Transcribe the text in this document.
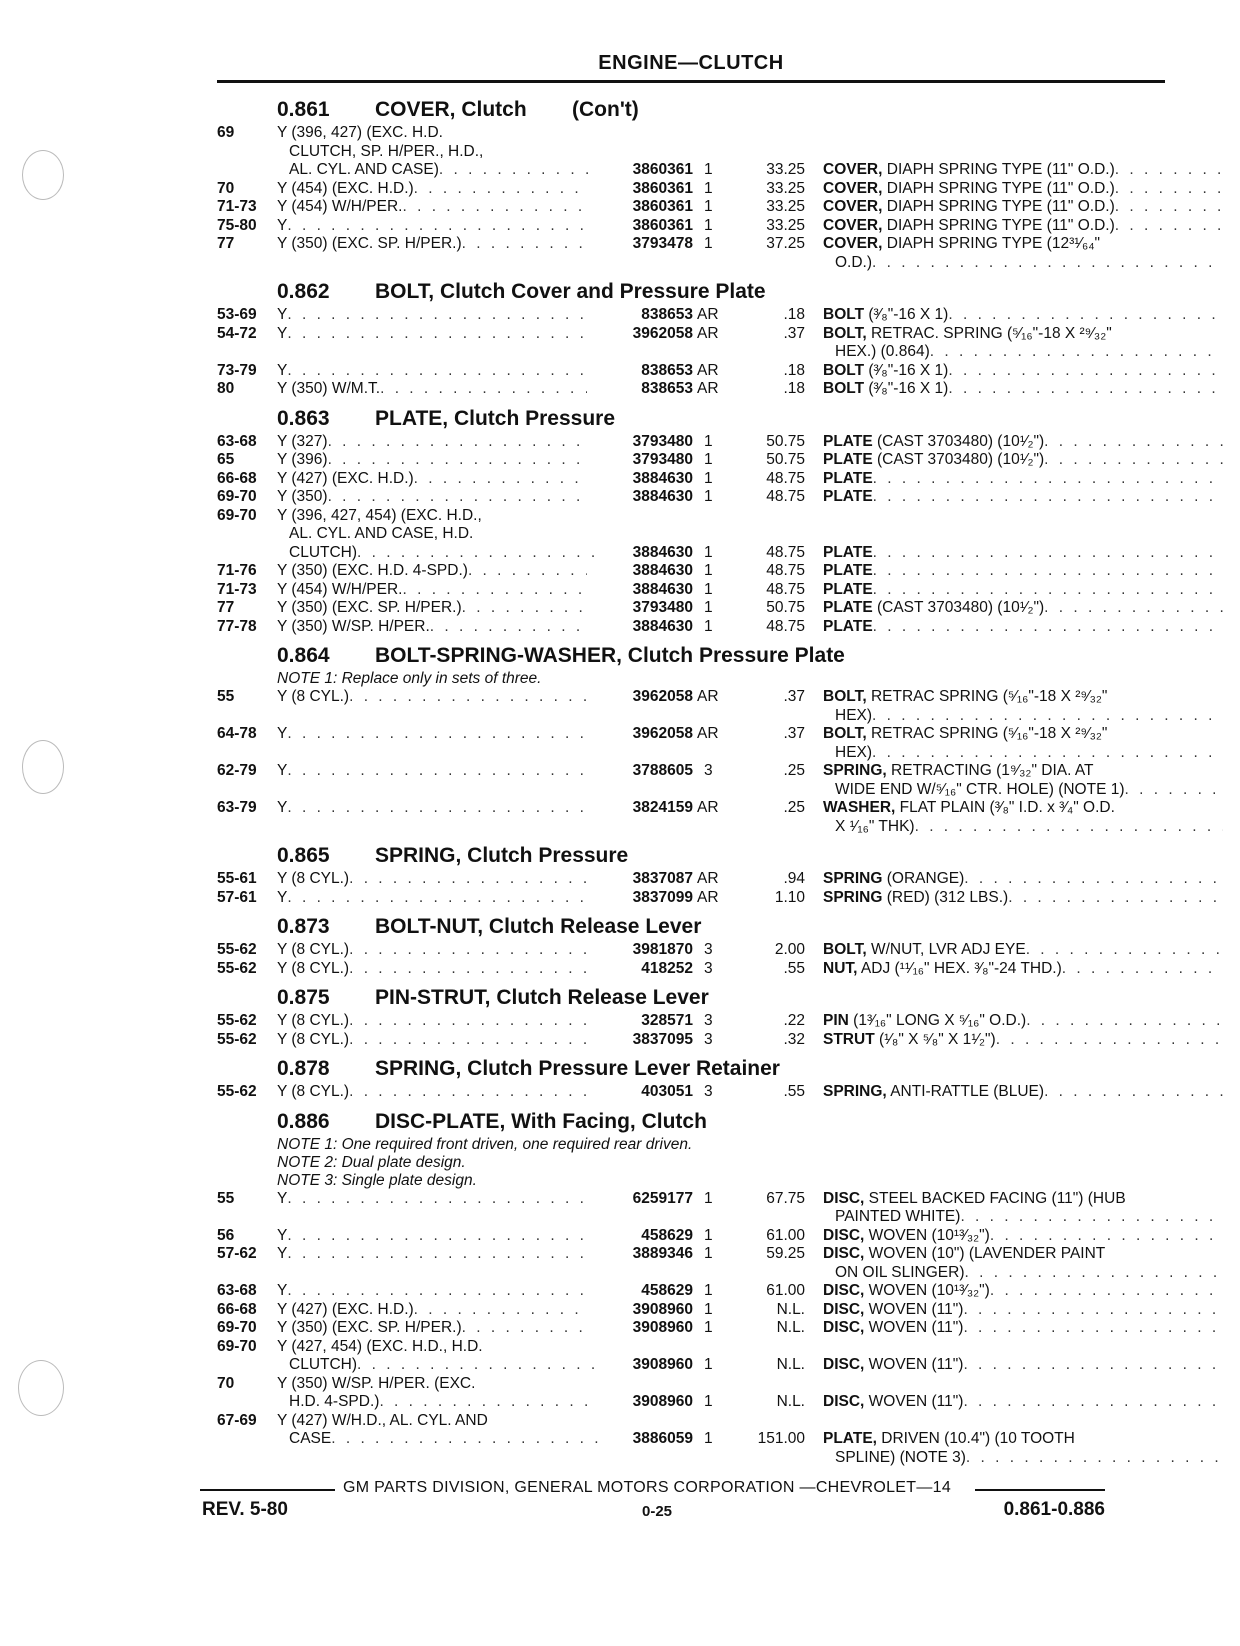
ENGINE—CLUTCH
0.861 COVER, Clutch (Con't)
69	Y (396, 427) (EXC. H.D.
CLUTCH, SP. H/PER., H.D.,
AL. CYL. AND CASE) . . .	3860361 1	33.25 COVER, DIAPH SPRING TYPE (11" O.D.)
. . .
70	Y (454) (EXC. H.D.) . . .	3860361 1	33.25 COVER, DIAPH SPRING TYPE (11" O.D.)
. . .
71-73	Y (454) W/H/PER. . . .	3860361 1	33.25 COVER, DIAPH SPRING TYPE (11" O.D.)
. . .
75-80	Y . . .	3860361 1	33.25 COVER, DIAPH SPRING TYPE (11" O.D.)
. . .
77	Y (350) (EXC. SP. H/PER.) . . .	3793478 1	37.25 COVER, DIAPH SPRING TYPE (12³¹⁄₆₄"
O.D.)
. . .
0.862 BOLT, Clutch Cover and Pressure Plate
53-69	Y . . .	838653 AR	.18 BOLT (³⁄₈"-16 X 1)
. . .
54-72	Y . . .	3962058 AR	.37 BOLT, RETRAC. SPRING (⁵⁄₁₆"-18 X ²⁹⁄₃₂"
HEX.) (0.864)
. . .
73-79	Y . . .	838653 AR	.18 BOLT (³⁄₈"-16 X 1)
. . .
80	Y (350) W/M.T. . . .	838653 AR	.18 BOLT (³⁄₈"-16 X 1)
. . .
0.863 PLATE, Clutch Pressure
63-68	Y (327) . . .	3793480 1	50.75 PLATE (CAST 3703480) (10¹⁄₂")
. . .
65	Y (396) . . .	3793480 1	50.75 PLATE (CAST 3703480) (10¹⁄₂")
. . .
66-68	Y (427) (EXC. H.D.) . . .	3884630 1	48.75 PLATE
. . .
69-70	Y (350) . . .	3884630 1	48.75 PLATE
. . .
69-70	Y (396, 427, 454) (EXC. H.D.,
AL. CYL. AND CASE, H.D.
CLUTCH) . . .	3884630 1	48.75 PLATE
. . .
71-76	Y (350) (EXC. H.D. 4-SPD.) . . .	3884630 1	48.75 PLATE
. . .
71-73	Y (454) W/H/PER. . . .	3884630 1	48.75 PLATE
. . .
77	Y (350) (EXC. SP. H/PER.) . . .	3793480 1	50.75 PLATE (CAST 3703480) (10¹⁄₂")
. . .
77-78	Y (350) W/SP. H/PER. . . .	3884630 1	48.75 PLATE
. . .
0.864 BOLT-SPRING-WASHER, Clutch Pressure Plate
NOTE 1: Replace only in sets of three.
55	Y (8 CYL.) . . .	3962058 AR	.37 BOLT, RETRAC SPRING (⁵⁄₁₆"-18 X ²⁹⁄₃₂"
HEX)
. . .
64-78	Y . . .	3962058 AR	.37 BOLT, RETRAC SPRING (⁵⁄₁₆"-18 X ²⁹⁄₃₂"
HEX)
. . .
62-79	Y . . .	3788605 3	.25 SPRING, RETRACTING (1⁹⁄₃₂" DIA. AT
WIDE END W/⁵⁄₁₆" CTR. HOLE) (NOTE 1)
. . .
63-79	Y . . .	3824159 AR	.25 WASHER, FLAT PLAIN (³⁄₈" I.D. x ³⁄₄" O.D.
X ¹⁄₁₆" THK)
. . .
0.865 SPRING, Clutch Pressure
55-61	Y (8 CYL.) . . .	3837087 AR	.94 SPRING (ORANGE)
. . .
57-61	Y . . .	3837099 AR	1.10 SPRING (RED) (312 LBS.)
. . .
0.873 BOLT-NUT, Clutch Release Lever
55-62	Y (8 CYL.) . . .	3981870 3	2.00 BOLT, W/NUT, LVR ADJ EYE
. . .
55-62	Y (8 CYL.) . . .	418252 3	.55 NUT, ADJ (¹¹⁄₁₆" HEX. ³⁄₈"-24 THD.)
. . .
0.875 PIN-STRUT, Clutch Release Lever
55-62	Y (8 CYL.) . . .	328571 3	.22 PIN (1³⁄₁₆" LONG X ⁵⁄₁₆" O.D.)
. . .
55-62	Y (8 CYL.) . . .	3837095 3	.32 STRUT (¹⁄₈" X ⁵⁄₈" X 1¹⁄₂")
. . .
0.878 SPRING, Clutch Pressure Lever Retainer
55-62	Y (8 CYL.) . . .	403051 3	.55 SPRING, ANTI-RATTLE (BLUE)
. . .
0.886 DISC-PLATE, With Facing, Clutch
NOTE 1: One required front driven, one required rear driven.
NOTE 2: Dual plate design.
NOTE 3: Single plate design.
55	Y . . .	6259177 1	67.75 DISC, STEEL BACKED FACING (11") (HUB
PAINTED WHITE)
. . .
56	Y . . .	458629 1	61.00 DISC, WOVEN (10¹³⁄₃₂")
. . .
57-62	Y . . .	3889346 1	59.25 DISC, WOVEN (10") (LAVENDER PAINT
ON OIL SLINGER)
. . .
63-68	Y . . .	458629 1	61.00 DISC, WOVEN (10¹³⁄₃₂")
. . .
66-68	Y (427) (EXC. H.D.) . . .	3908960 1	N.L. DISC, WOVEN (11")
. . .
69-70	Y (350) (EXC. SP. H/PER.) . . .	3908960 1	N.L. DISC, WOVEN (11")
. . .
69-70	Y (427, 454) (EXC. H.D., H.D.
CLUTCH) . . .	3908960 1	N.L. DISC, WOVEN (11")
. . .
70	Y (350) W/SP. H/PER. (EXC.
H.D. 4-SPD.) . . .	3908960 1	N.L. DISC, WOVEN (11")
. . .
67-69	Y (427) W/H.D., AL. CYL. AND
CASE . . .	3886059 1	151.00 PLATE, DRIVEN (10.4") (10 TOOTH
SPLINE) (NOTE 3)
. . .
GM PARTS DIVISION, GENERAL MOTORS CORPORATION —CHEVROLET—14
REV. 5-80	0-25	0.861-0.886
